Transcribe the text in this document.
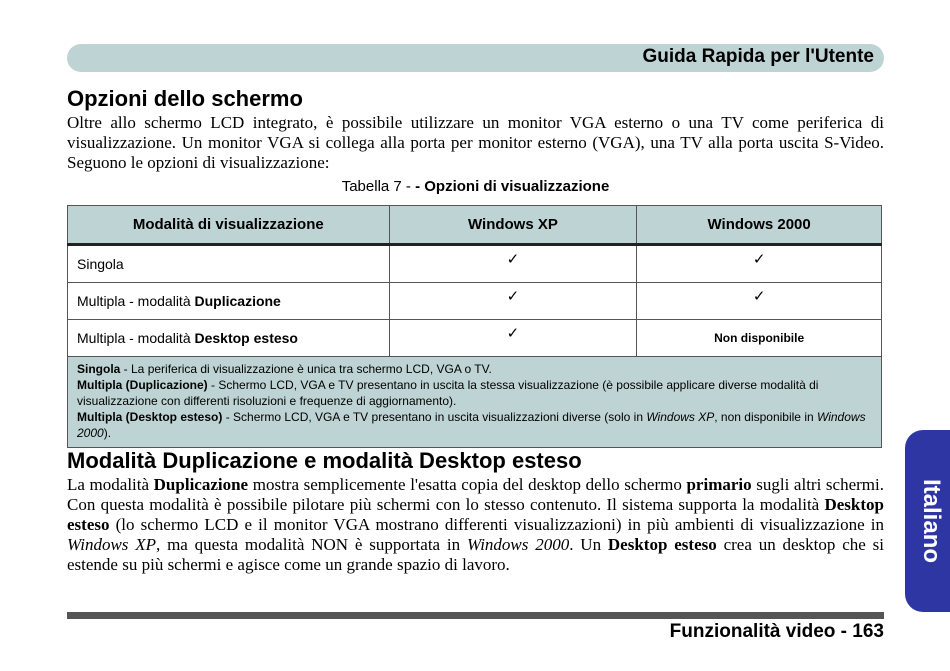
Guida Rapida per l'Utente
Italiano
Opzioni dello schermo

Oltre allo schermo LCD integrato, è possibile utilizzare un monitor VGA esterno o una TV come periferica di visualizzazione. Un monitor VGA si collega alla porta per monitor esterno (VGA), una TV alla porta uscita S-Video. Seguono le opzioni di visualizzazione:

Tabella 7 - - Opzioni di visualizzazione
Modalità di visualizzazione	Windows XP	Windows 2000
Singola	✓	✓
Multipla - modalità Duplicazione	✓	✓
Multipla - modalità Desktop esteso	✓	Non disponibile
Singola - La periferica di visualizzazione è unica tra schermo LCD, VGA o TV.
Multipla (Duplicazione) - Schermo LCD, VGA e TV presentano in uscita la stessa visualizzazione (è possibile applicare diverse modalità di visualizzazione con differenti risoluzioni e frequenze di aggiornamento).
Multipla (Desktop esteso) - Schermo LCD, VGA e TV presentano in uscita visualizzazioni diverse (solo in Windows XP, non disponibile in Windows 2000).		
Modalità Duplicazione e modalità Desktop esteso

La modalità Duplicazione mostra semplicemente l'esatta copia del desktop dello schermo primario sugli altri schermi. Con questa modalità è possibile pilotare più schermi con lo stesso contenuto. Il sistema supporta la modalità Desktop esteso (lo schermo LCD e il monitor VGA mostrano differenti visualizzazioni) in più ambienti di visualizzazione in Windows XP, ma questa modalità NON è supportata in Windows 2000. Un Desktop esteso crea un desktop che si estende su più schermi e agisce come un grande spazio di lavoro.

Funzionalità video - 163
